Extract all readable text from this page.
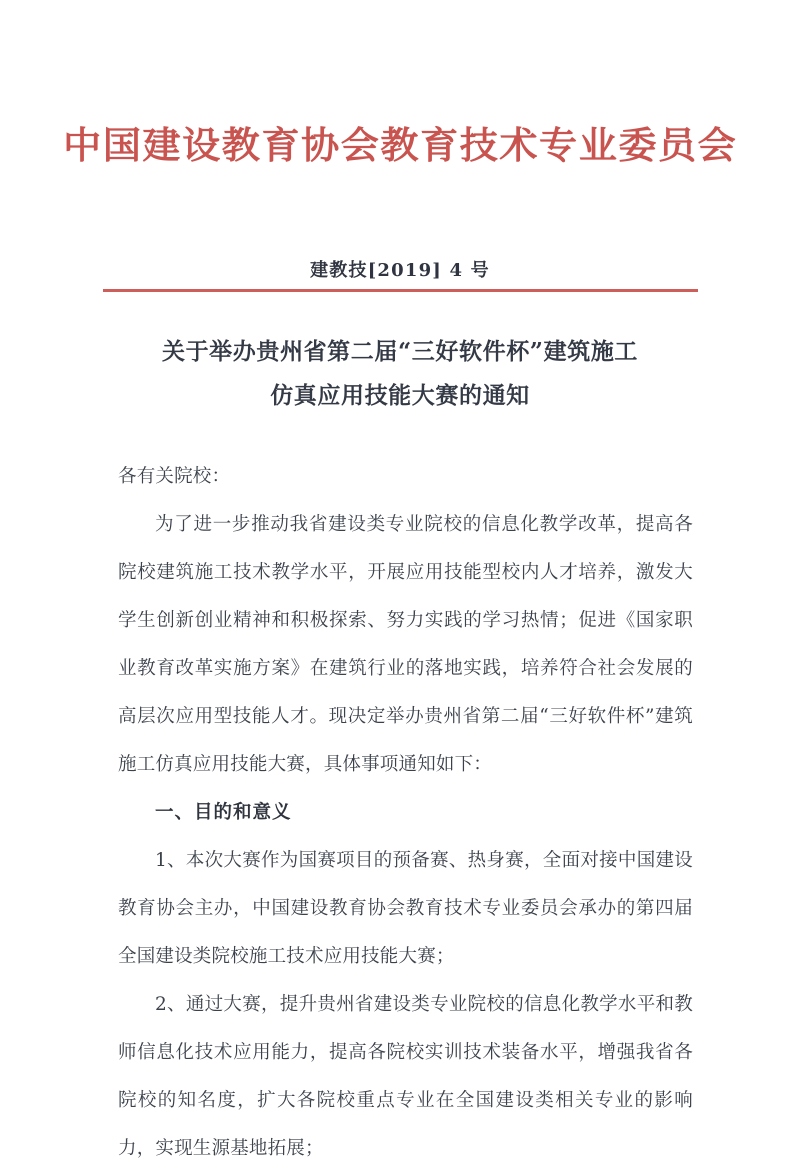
中国建设教育协会教育技术专业委员会
建教技[2019] 4 号
关于举办贵州省第二届“三好软件杯”建筑施工
仿真应用技能大赛的通知

各有关院校：

为了进一步推动我省建设类专业院校的信息化教学改革，提高各院校建筑施工技术教学水平，开展应用技能型校内人才培养，激发大学生创新创业精神和积极探索、努力实践的学习热情；促进《国家职业教育改革实施方案》在建筑行业的落地实践，培养符合社会发展的高层次应用型技能人才。现决定举办贵州省第二届“三好软件杯”建筑施工仿真应用技能大赛，具体事项通知如下：

一、目的和意义

1、本次大赛作为国赛项目的预备赛、热身赛，全面对接中国建设教育协会主办，中国建设教育协会教育技术专业委员会承办的第四届全国建设类院校施工技术应用技能大赛；

2、通过大赛，提升贵州省建设类专业院校的信息化教学水平和教师信息化技术应用能力，提高各院校实训技术装备水平，增强我省各院校的知名度，扩大各院校重点专业在全国建设类相关专业的影响力，实现生源基地拓展；
